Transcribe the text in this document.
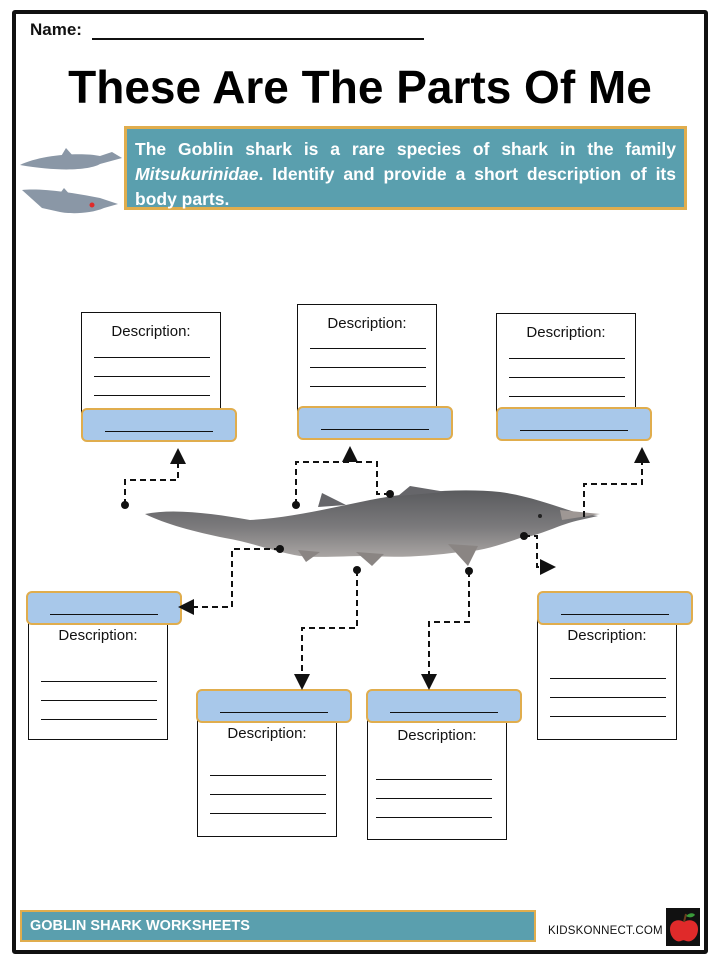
Name:
These Are The Parts Of Me
The Goblin shark is a rare species of shark in the family Mitsukurinidae. Identify and provide a short description of its body parts.
Description:	Description:
Description:
Description:
Description:	Description:
Description:
GOBLIN SHARK WORKSHEETS	KIDSKONNECT.COM
